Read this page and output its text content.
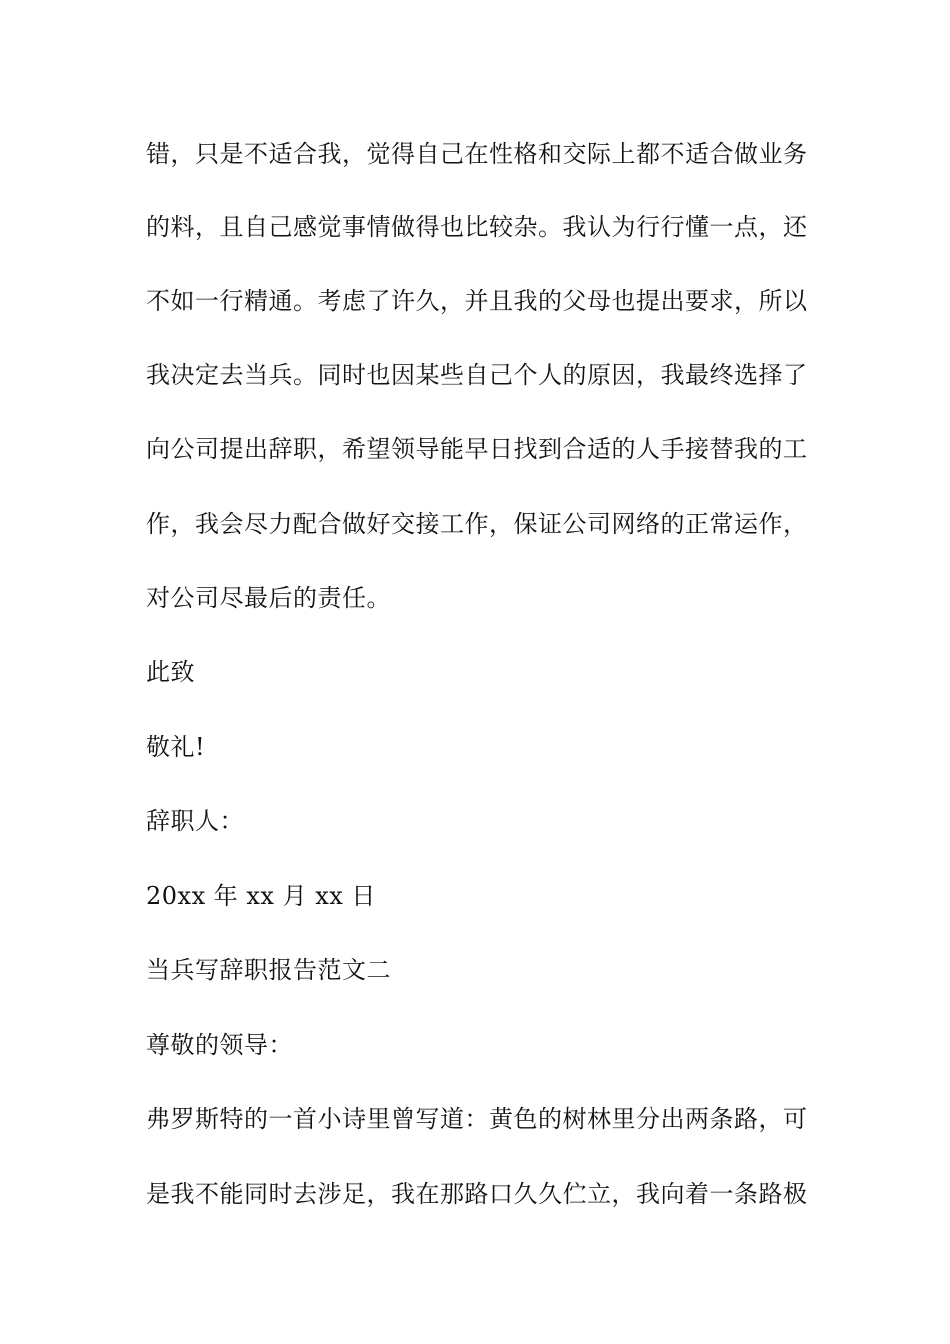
错，只是不适合我，觉得自己在性格和交际上都不适合做业务
的料，且自己感觉事情做得也比较杂。我认为行行懂一点，还
不如一行精通。考虑了许久，并且我的父母也提出要求，所以
我决定去当兵。同时也因某些自己个人的原因，我最终选择了
向公司提出辞职，希望领导能早日找到合适的人手接替我的工
作，我会尽力配合做好交接工作，保证公司网络的正常运作，
对公司尽最后的责任。
此致
敬礼!
辞职人：
20xx 年 xx 月 xx 日
当兵写辞职报告范文二
尊敬的领导：
弗罗斯特的一首小诗里曾写道：黄色的树林里分出两条路，可
是我不能同时去涉足，我在那路口久久伫立，我向着一条路极
